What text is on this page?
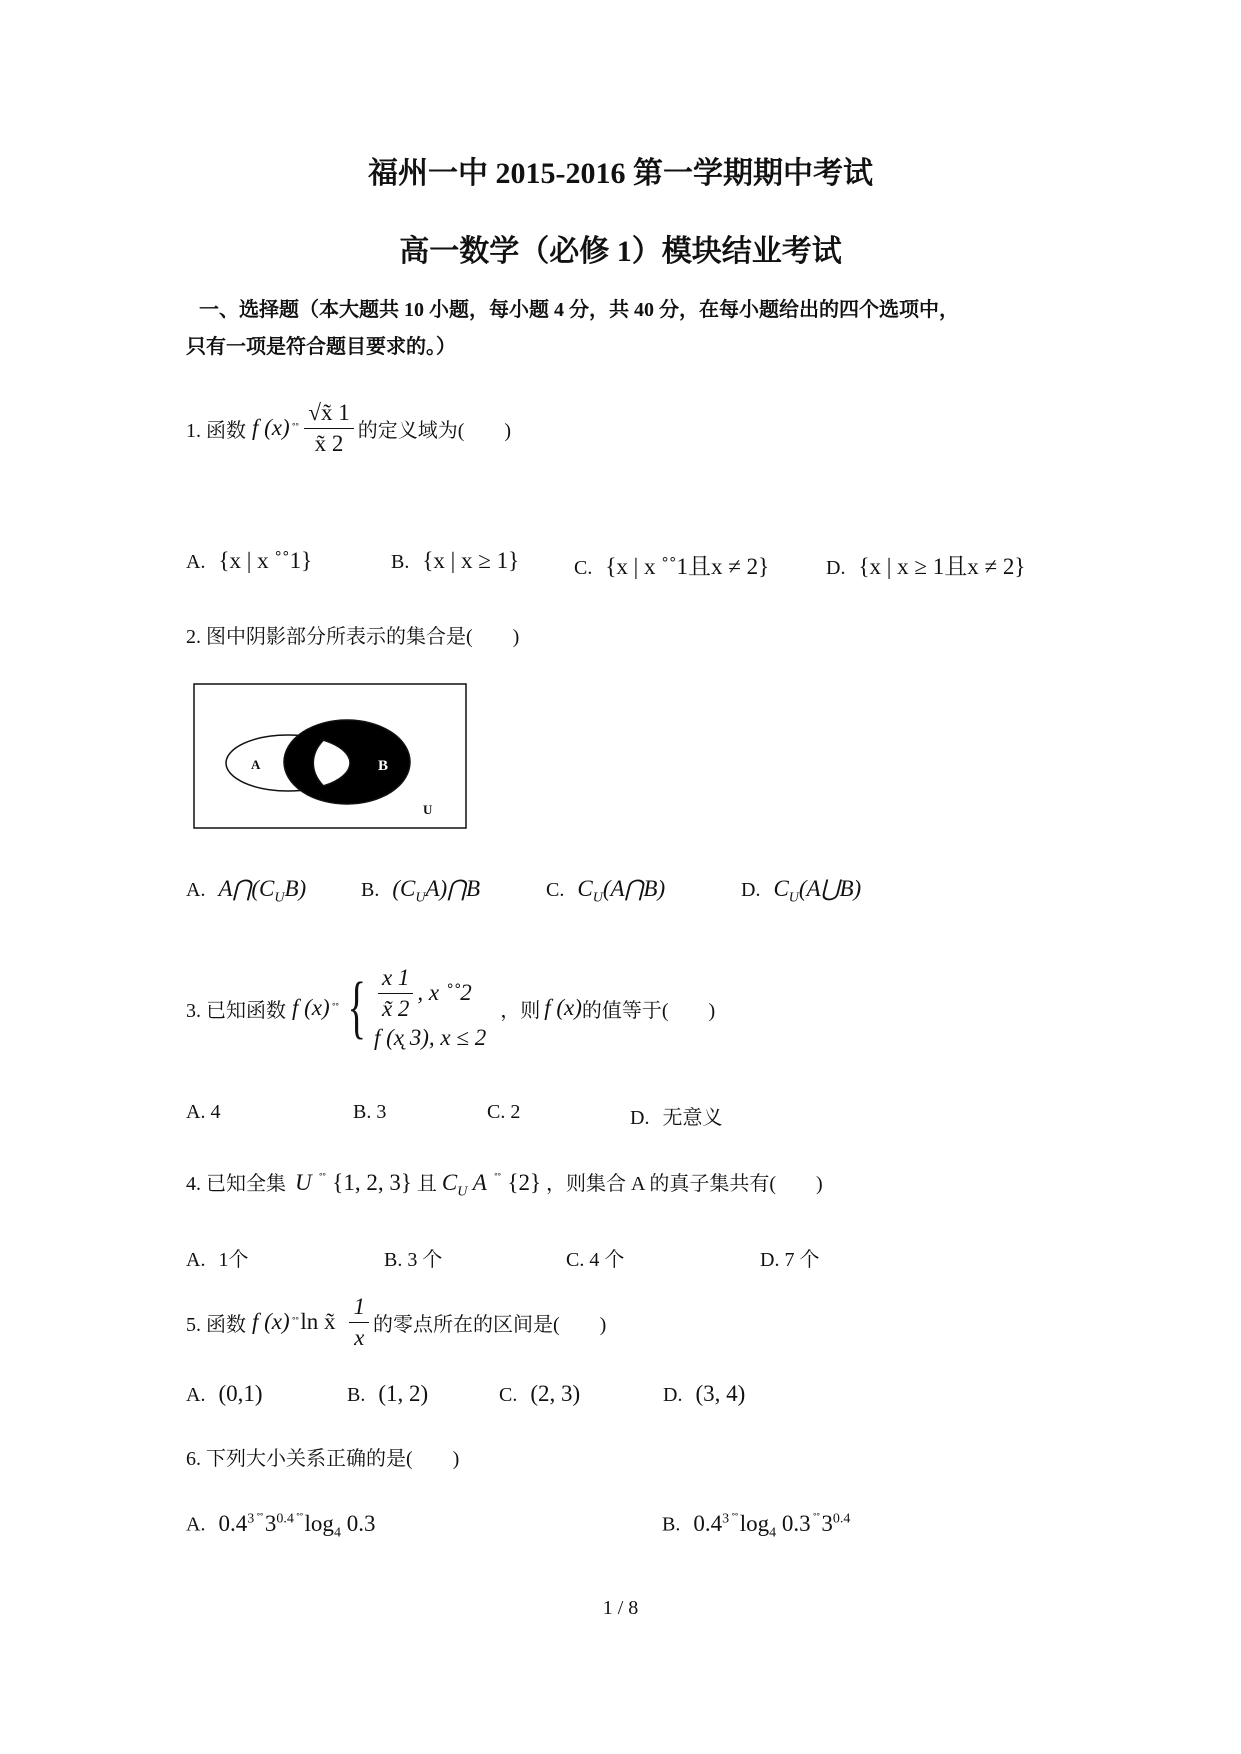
福州一中 2015-2016 第一学期期中考试
高一数学（必修 1）模块结业考试
一、选择题（本大题共 10 小题，每小题 4 分，共 40 分，在每小题给出的四个选项中，
只有一项是符合题目要求的。）
1. 函数 f (x) ˚˚ $\frac{√x̃ 1}{x̃ 2}$ 的定义域为(　　)
A. {x | x ˚˚1}	B. {x | x ≥ 1}	C. {x | x ˚˚1且x ≠ 2}	D. {x | x ≥ 1且x ≠ 2}
2. 图中阴影部分所表示的集合是(　　)
A	B
U
A. $A⋂(C_UB)$	B. $(C_UA)⋂B$	C. $C_U(A⋂B)$	D. $C_U(A⋃B)$
3. 已知函数 f (x) ˚˚ { $\frac{x 1}{x̃ 2}$ , x ˚˚2
f (x̨ 3), x ≤ 2
，则 f (x) 的值等于(　　)
A. 4	B. 3	C. 2	D. 无意义
4. 已知全集 U ˚˚ {1, 2, 3} 且 $C_U$ A ˚˚ {2} ，则集合 A 的真子集共有(　　)
A. 1个	B. 3 个	C. 4 个	D. 7 个
5. 函数 f (x) ˚˚ ln x̃ $\frac{1}{x}$ 的零点所在的区间是(　　)
A. (0,1)	B. (1, 2)	C. (2, 3)	D. (3, 4)
6. 下列大小关系正确的是(　　)
A. $0.4^3$ $^{˚˚}3^{0.4}$ $^{˚˚}\log_4$ 0.3	B. $0.4^3$ $^{˚˚}\log_4$ 0.3 $^{˚˚}3^{0.4}$
1 / 8
